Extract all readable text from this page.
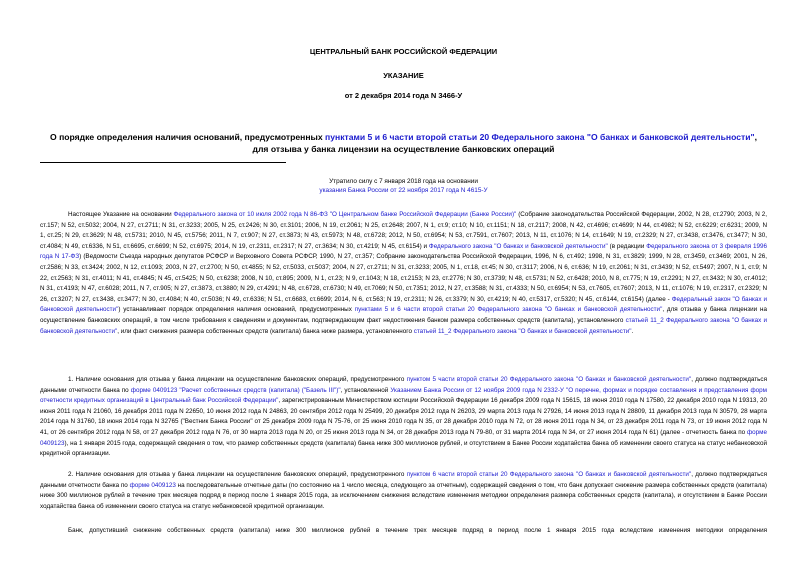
ЦЕНТРАЛЬНЫЙ БАНК РОССИЙСКОЙ ФЕДЕРАЦИИ
УКАЗАНИЕ
от 2 декабря 2014 года N 3466-У
О порядке определения наличия оснований, предусмотренных пунктами 5 и 6 части второй статьи 20 Федерального закона "О банках и банковской деятельности",
для отзыва у банка лицензии на осуществление банковских операций
Утратило силу с 7 января 2018 года на основании
указания Банка России от 22 ноября 2017 года N 4615-У

Настоящее Указание на основании Федерального закона от 10 июля 2002 года N 86-ФЗ "О Центральном банке Российской Федерации (Банке России)" (Собрание законодательства Российской Федерации, 2002, N 28, ст.2790; 2003, N 2, ст.157; N 52, ст.5032; 2004, N 27, ст.2711; N 31, ст.3233; 2005, N 25, ст.2426; N 30, ст.3101; 2006, N 19, ст.2061; N 25, ст.2648; 2007, N 1, ст.9; ст.10; N 10, ст.1151; N 18, ст.2117; 2008, N 42, ст.4696; ст.4699; N 44, ст.4982; N 52, ст.6229; ст.6231; 2009, N 1, ст.25; N 29, ст.3629; N 48, ст.5731; 2010, N 45, ст.5756; 2011, N 7, ст.907; N 27, ст.3873; N 43, ст.5973; N 48, ст.6728; 2012, N 50, ст.6954; N 53, ст.7591, ст.7607; 2013, N 11, ст.1076; N 14, ст.1649; N 19, ст.2329; N 27, ст.3438, ст.3476, ст.3477; N 30, ст.4084; N 49, ст.6336, N 51, ст.6695, ст.6699; N 52, ст.6975; 2014, N 19, ст.2311, ст.2317; N 27, ст.3634; N 30, ст.4219; N 45, ст.6154) и Федерального закона "О банках и банковской деятельности" (в редакции Федерального закона от 3 февраля 1996 года N 17-ФЗ) (Ведомости Съезда народных депутатов РСФСР и Верховного Совета РСФСР, 1990, N 27, ст.357; Собрание законодательства Российской Федерации, 1996, N 6, ст.492; 1998, N 31, ст.3829; 1999, N 28, ст.3459, ст.3469; 2001, N 26, ст.2586; N 33, ст.3424; 2002, N 12, ст.1093; 2003, N 27, ст.2700; N 50, ст.4855; N 52, ст.5033, ст.5037; 2004, N 27, ст.2711; N 31, ст.3233; 2005, N 1, ст.18, ст.45; N 30, ст.3117; 2006, N 6, ст.636; N 19, ст.2061; N 31, ст.3439; N 52, ст.5497; 2007, N 1, ст.9; N 22, ст.2563; N 31, ст.4011; N 41, ст.4845; N 45, ст.5425; N 50, ст.6238; 2008, N 10, ст.895; 2009, N 1, ст.23; N 9, ст.1043; N 18, ст.2153; N 23, ст.2776; N 30, ст.3739; N 48, ст.5731; N 52, ст.6428; 2010, N 8, ст.775; N 19, ст.2291; N 27, ст.3432; N 30, ст.4012; N 31, ст.4193; N 47, ст.6028; 2011, N 7, ст.905; N 27, ст.3873, ст.3880; N 29, ст.4291; N 48, ст.6728, ст.6730; N 49, ст.7069; N 50, ст.7351; 2012, N 27, ст.3588; N 31, ст.4333; N 50, ст.6954; N 53, ст.7605, ст.7607; 2013, N 11, ст.1076; N 19, ст.2317, ст.2329; N 26, ст.3207; N 27, ст.3438, ст.3477; N 30, ст.4084; N 40, ст.5036; N 49, ст.6336; N 51, ст.6683, ст.6699; 2014, N 6, ст.563; N 19, ст.2311; N 26, ст.3379; N 30, ст.4219; N 40, ст.5317, ст.5320; N 45, ст.6144, ст.6154) (далее - Федеральный закон "О банках и банковской деятельности") устанавливает порядок определения наличия оснований, предусмотренных пунктами 5 и 6 части второй статьи 20 Федерального закона "О банках и банковской деятельности", для отзыва у банка лицензии на осуществление банковских операций, в том числе требования к сведениям и документам, подтверждающим факт недостижения банком размера собственных средств (капитала), установленного статьей 11_2 Федерального закона "О банках и банковской деятельности", или факт снижения размера собственных средств (капитала) банка ниже размера, установленного статьей 11_2 Федерального закона "О банках и банковской деятельности".

1. Наличие основания для отзыва у банка лицензии на осуществление банковских операций, предусмотренного пунктом 5 части второй статьи 20 Федерального закона "О банках и банковской деятельности", должно подтверждаться данными отчетности банка по форме 0409123 "Расчет собственных средств (капитала) ("Базель III")", установленной Указанием Банка России от 12 ноября 2009 года N 2332-У "О перечне, формах и порядке составления и представления форм отчетности кредитных организаций в Центральный банк Российской Федерации", зарегистрированным Министерством юстиции Российской Федерации 16 декабря 2009 года N 15615, 18 июня 2010 года N 17580, 22 декабря 2010 года N 19313, 20 июня 2011 года N 21060, 16 декабря 2011 года N 22650, 10 июня 2012 года N 24863, 20 сентября 2012 года N 25499, 20 декабря 2012 года N 26203, 29 марта 2013 года N 27926, 14 июня 2013 года N 28809, 11 декабря 2013 года N 30579, 28 марта 2014 года N 31760, 18 июня 2014 года N 32765 ("Вестник Банка России" от 25 декабря 2009 года N 75-76, от 25 июня 2010 года N 35, от 28 декабря 2010 года N 72, от 28 июня 2011 года N 34, от 23 декабря 2011 года N 73, от 19 июня 2012 года N 41, от 26 сентября 2012 года N 58, от 27 декабря 2012 года N 76, от 30 марта 2013 года N 20, от 25 июня 2013 года N 34, от 28 декабря 2013 года N 79-80, от 31 марта 2014 года N 34, от 27 июня 2014 года N 61) (далее - отчетность банка по форме 0409123), на 1 января 2015 года, содержащей сведения о том, что размер собственных средств (капитала) банка ниже 300 миллионов рублей, и отсутствием в Банке России ходатайства банка об изменении своего статуса на статус небанковской кредитной организации.

2. Наличие основания для отзыва у банка лицензии на осуществление банковских операций, предусмотренного пунктом 6 части второй статьи 20 Федерального закона "О банках и банковской деятельности", должно подтверждаться данными отчетности банка по форме 0409123 на последовательные отчетные даты (по состоянию на 1 число месяца, следующего за отчетным), содержащей сведения о том, что банк допускает снижение размера собственных средств (капитала) ниже 300 миллионов рублей в течение трех месяцев подряд в период после 1 января 2015 года, за исключением снижения вследствие изменения методики определения размера собственных средств (капитала), и отсутствием в Банке России ходатайства банка об изменении своего статуса на статус небанковской кредитной организации.

Банк, допустивший снижение собственных средств (капитала) ниже 300 миллионов рублей в течение трех месяцев подряд в период после 1 января 2015 года вследствие изменения методики определения
